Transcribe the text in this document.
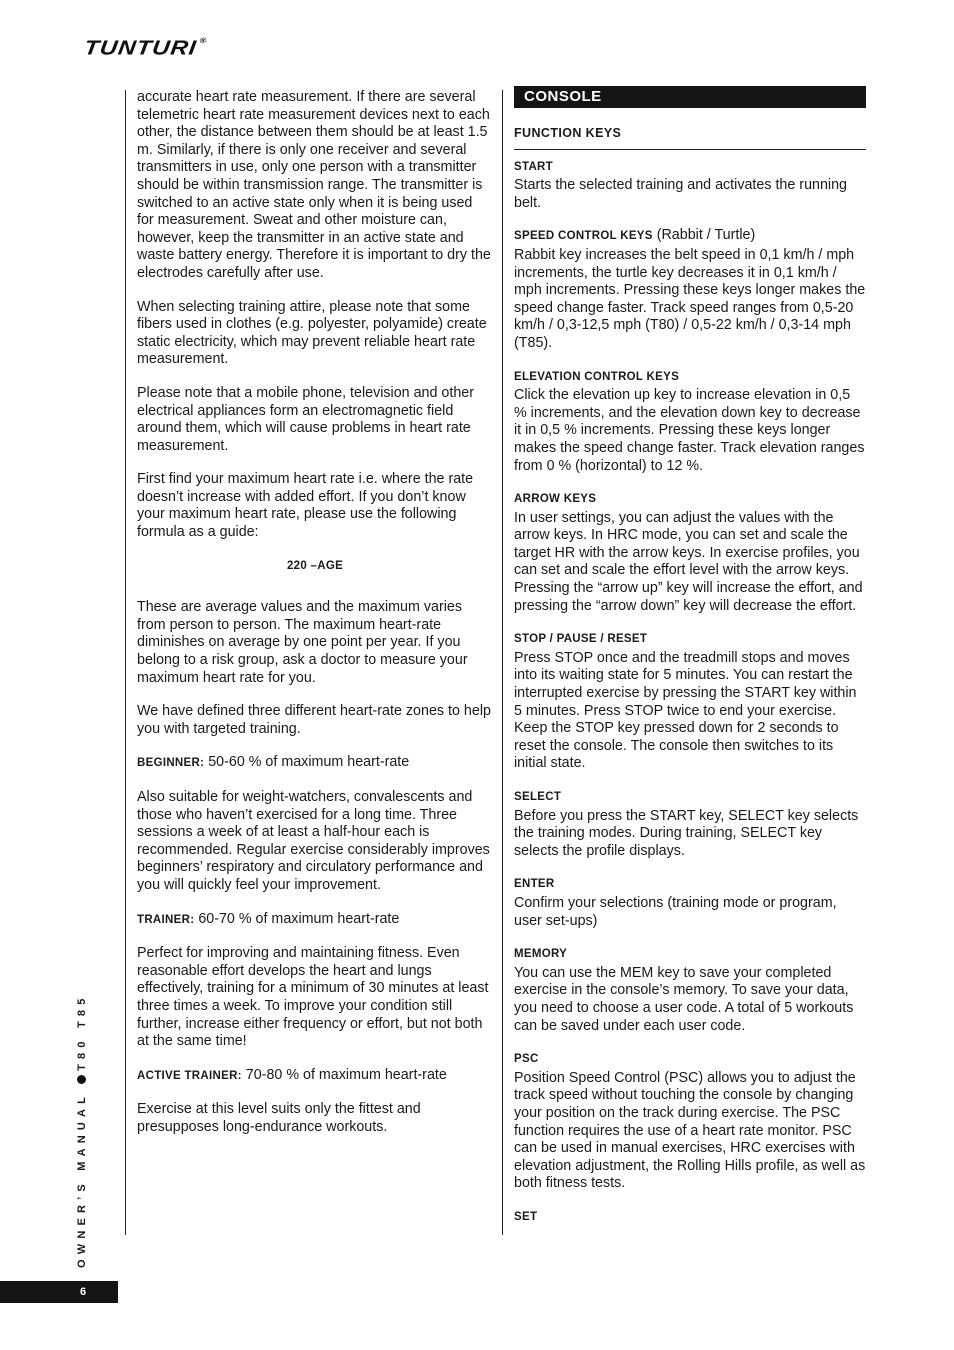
TUNTURI®

accurate heart rate measurement. If there are several telemetric heart rate measurement devices next to each other, the distance between them should be at least 1.5 m. Similarly, if there is only one receiver and several transmitters in use, only one person with a transmitter should be within transmission range. The transmitter is switched to an active state only when it is being used for measurement. Sweat and other moisture can, however, keep the transmitter in an active state and waste battery energy. Therefore it is important to dry the electrodes carefully after use.

When selecting training attire, please note that some fibers used in clothes (e.g. polyester, polyamide) create static electricity, which may prevent reliable heart rate measurement.

Please note that a mobile phone, television and other electrical appliances form an electromagnetic field around them, which will cause problems in heart rate measurement.

First find your maximum heart rate i.e. where the rate doesn’t increase with added effort. If you don’t know your maximum heart rate, please use the following formula as a guide:

220 –AGE

These are average values and the maximum varies from person to person. The maximum heart-rate diminishes on average by one point per year. If you belong to a risk group, ask a doctor to measure your maximum heart rate for you.

We have defined three different heart-rate zones to help you with targeted training.

BEGINNER: 50-60 % of maximum heart-rate

Also suitable for weight-watchers, convalescents and those who haven’t exercised for a long time. Three sessions a week of at least a half-hour each is recommended. Regular exercise considerably improves beginners’ respiratory and circulatory performance and you will quickly feel your improvement.

TRAINER: 60-70 % of maximum heart-rate

Perfect for improving and maintaining fitness. Even reasonable effort develops the heart and lungs effectively, training for a minimum of 30 minutes at least three times a week. To improve your condition still further, increase either frequency or effort, but not both at the same time!

ACTIVE TRAINER: 70-80 % of maximum heart-rate

Exercise at this level suits only the fittest and presupposes long-endurance workouts.

CONSOLE
FUNCTION KEYS
START
Starts the selected training and activates the running belt.
SPEED CONTROL KEYS (Rabbit / Turtle)
Rabbit key increases the belt speed in 0,1 km/h / mph increments, the turtle key decreases it in 0,1 km/h / mph increments. Pressing these keys longer makes the speed change faster. Track speed ranges from 0,5-20 km/h / 0,3-12,5 mph (T80) / 0,5-22 km/h / 0,3-14 mph (T85).
ELEVATION CONTROL KEYS
Click the elevation up key to increase elevation in 0,5 % increments, and the elevation down key to decrease it in 0,5 % increments. Pressing these keys longer makes the speed change faster. Track elevation ranges from 0 % (horizontal) to 12 %.
ARROW KEYS
In user settings, you can adjust the values with the arrow keys. In HRC mode, you can set and scale the target HR with the arrow keys. In exercise profiles, you can set and scale the effort level with the arrow keys. Pressing the “arrow up” key will increase the effort, and pressing the “arrow down” key will decrease the effort.
STOP / PAUSE / RESET
Press STOP once and the treadmill stops and moves into its waiting state for 5 minutes. You can restart the interrupted exercise by pressing the START key within 5 minutes. Press STOP twice to end your exercise. Keep the STOP key pressed down for 2 seconds to reset the console. The console then switches to its initial state.
SELECT
Before you press the START key, SELECT key selects the training modes. During training, SELECT key selects the profile displays.
ENTER
Confirm your selections (training mode or program, user set-ups)
MEMORY
You can use the MEM key to save your completed exercise in the console’s memory. To save your data, you need to choose a user code. A total of 5 workouts can be saved under each user code.
PSC
Position Speed Control (PSC) allows you to adjust the track speed without touching the console by changing your position on the track during exercise. The PSC function requires the use of a heart rate monitor. PSC can be used in manual exercises, HRC exercises with elevation adjustment, the Rolling Hills profile, as well as both fitness tests.
SET
OWNER’S MANUAL T80 T85
6
